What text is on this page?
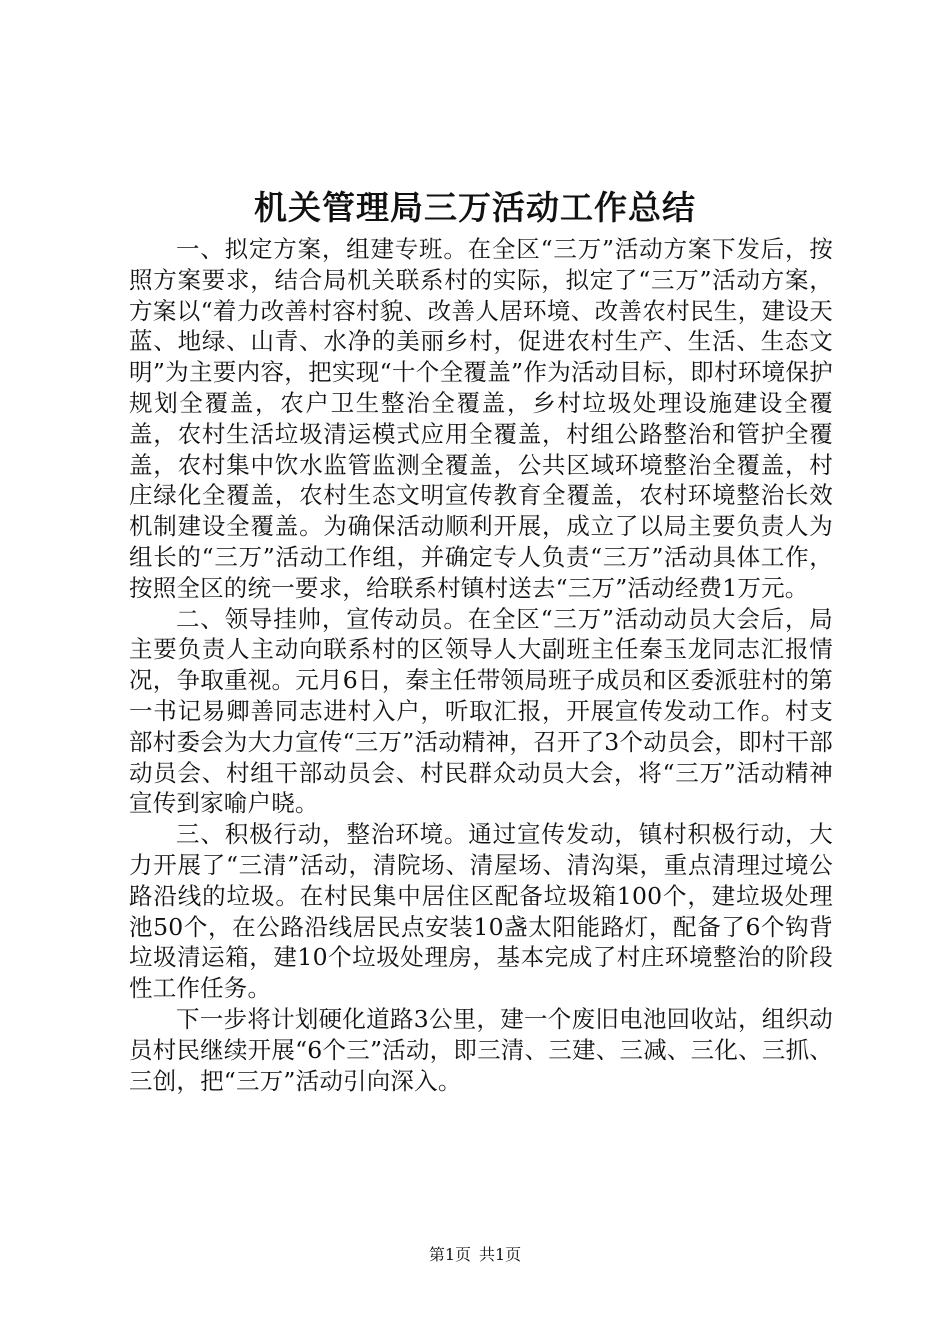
机关管理局三万活动工作总结

一、拟定方案，组建专班。在全区“三万”活动方案下发后，按照方案要求，结合局机关联系村的实际，拟定了“三万”活动方案，方案以“着力改善村容村貌、改善人居环境、改善农村民生，建设天蓝、地绿、山青、水净的美丽乡村，促进农村生产、生活、生态文明”为主要内容，把实现“十个全覆盖”作为活动目标，即村环境保护规划全覆盖，农户卫生整治全覆盖，乡村垃圾处理设施建设全覆盖，农村生活垃圾清运模式应用全覆盖，村组公路整治和管护全覆盖，农村集中饮水监管监测全覆盖，公共区域环境整治全覆盖，村庄绿化全覆盖，农村生态文明宣传教育全覆盖，农村环境整治长效机制建设全覆盖。为确保活动顺利开展，成立了以局主要负责人为组长的“三万”活动工作组，并确定专人负责“三万”活动具体工作，按照全区的统一要求，给联系村镇村送去“三万”活动经费1万元。

二、领导挂帅，宣传动员。在全区“三万”活动动员大会后，局主要负责人主动向联系村的区领导人大副班主任秦玉龙同志汇报情况，争取重视。元月6日，秦主任带领局班子成员和区委派驻村的第一书记易卿善同志进村入户，听取汇报，开展宣传发动工作。村支部村委会为大力宣传“三万”活动精神，召开了3个动员会，即村干部动员会、村组干部动员会、村民群众动员大会，将“三万”活动精神宣传到家喻户晓。

三、积极行动，整治环境。通过宣传发动，镇村积极行动，大力开展了“三清”活动，清院场、清屋场、清沟渠，重点清理过境公路沿线的垃圾。在村民集中居住区配备垃圾箱100个，建垃圾处理池50个，在公路沿线居民点安装10盏太阳能路灯，配备了6个钩背垃圾清运箱，建10个垃圾处理房，基本完成了村庄环境整治的阶段性工作任务。

下一步将计划硬化道路3公里，建一个废旧电池回收站，组织动员村民继续开展“6个三”活动，即三清、三建、三减、三化、三抓、三创，把“三万”活动引向深入。

第1页 共1页
